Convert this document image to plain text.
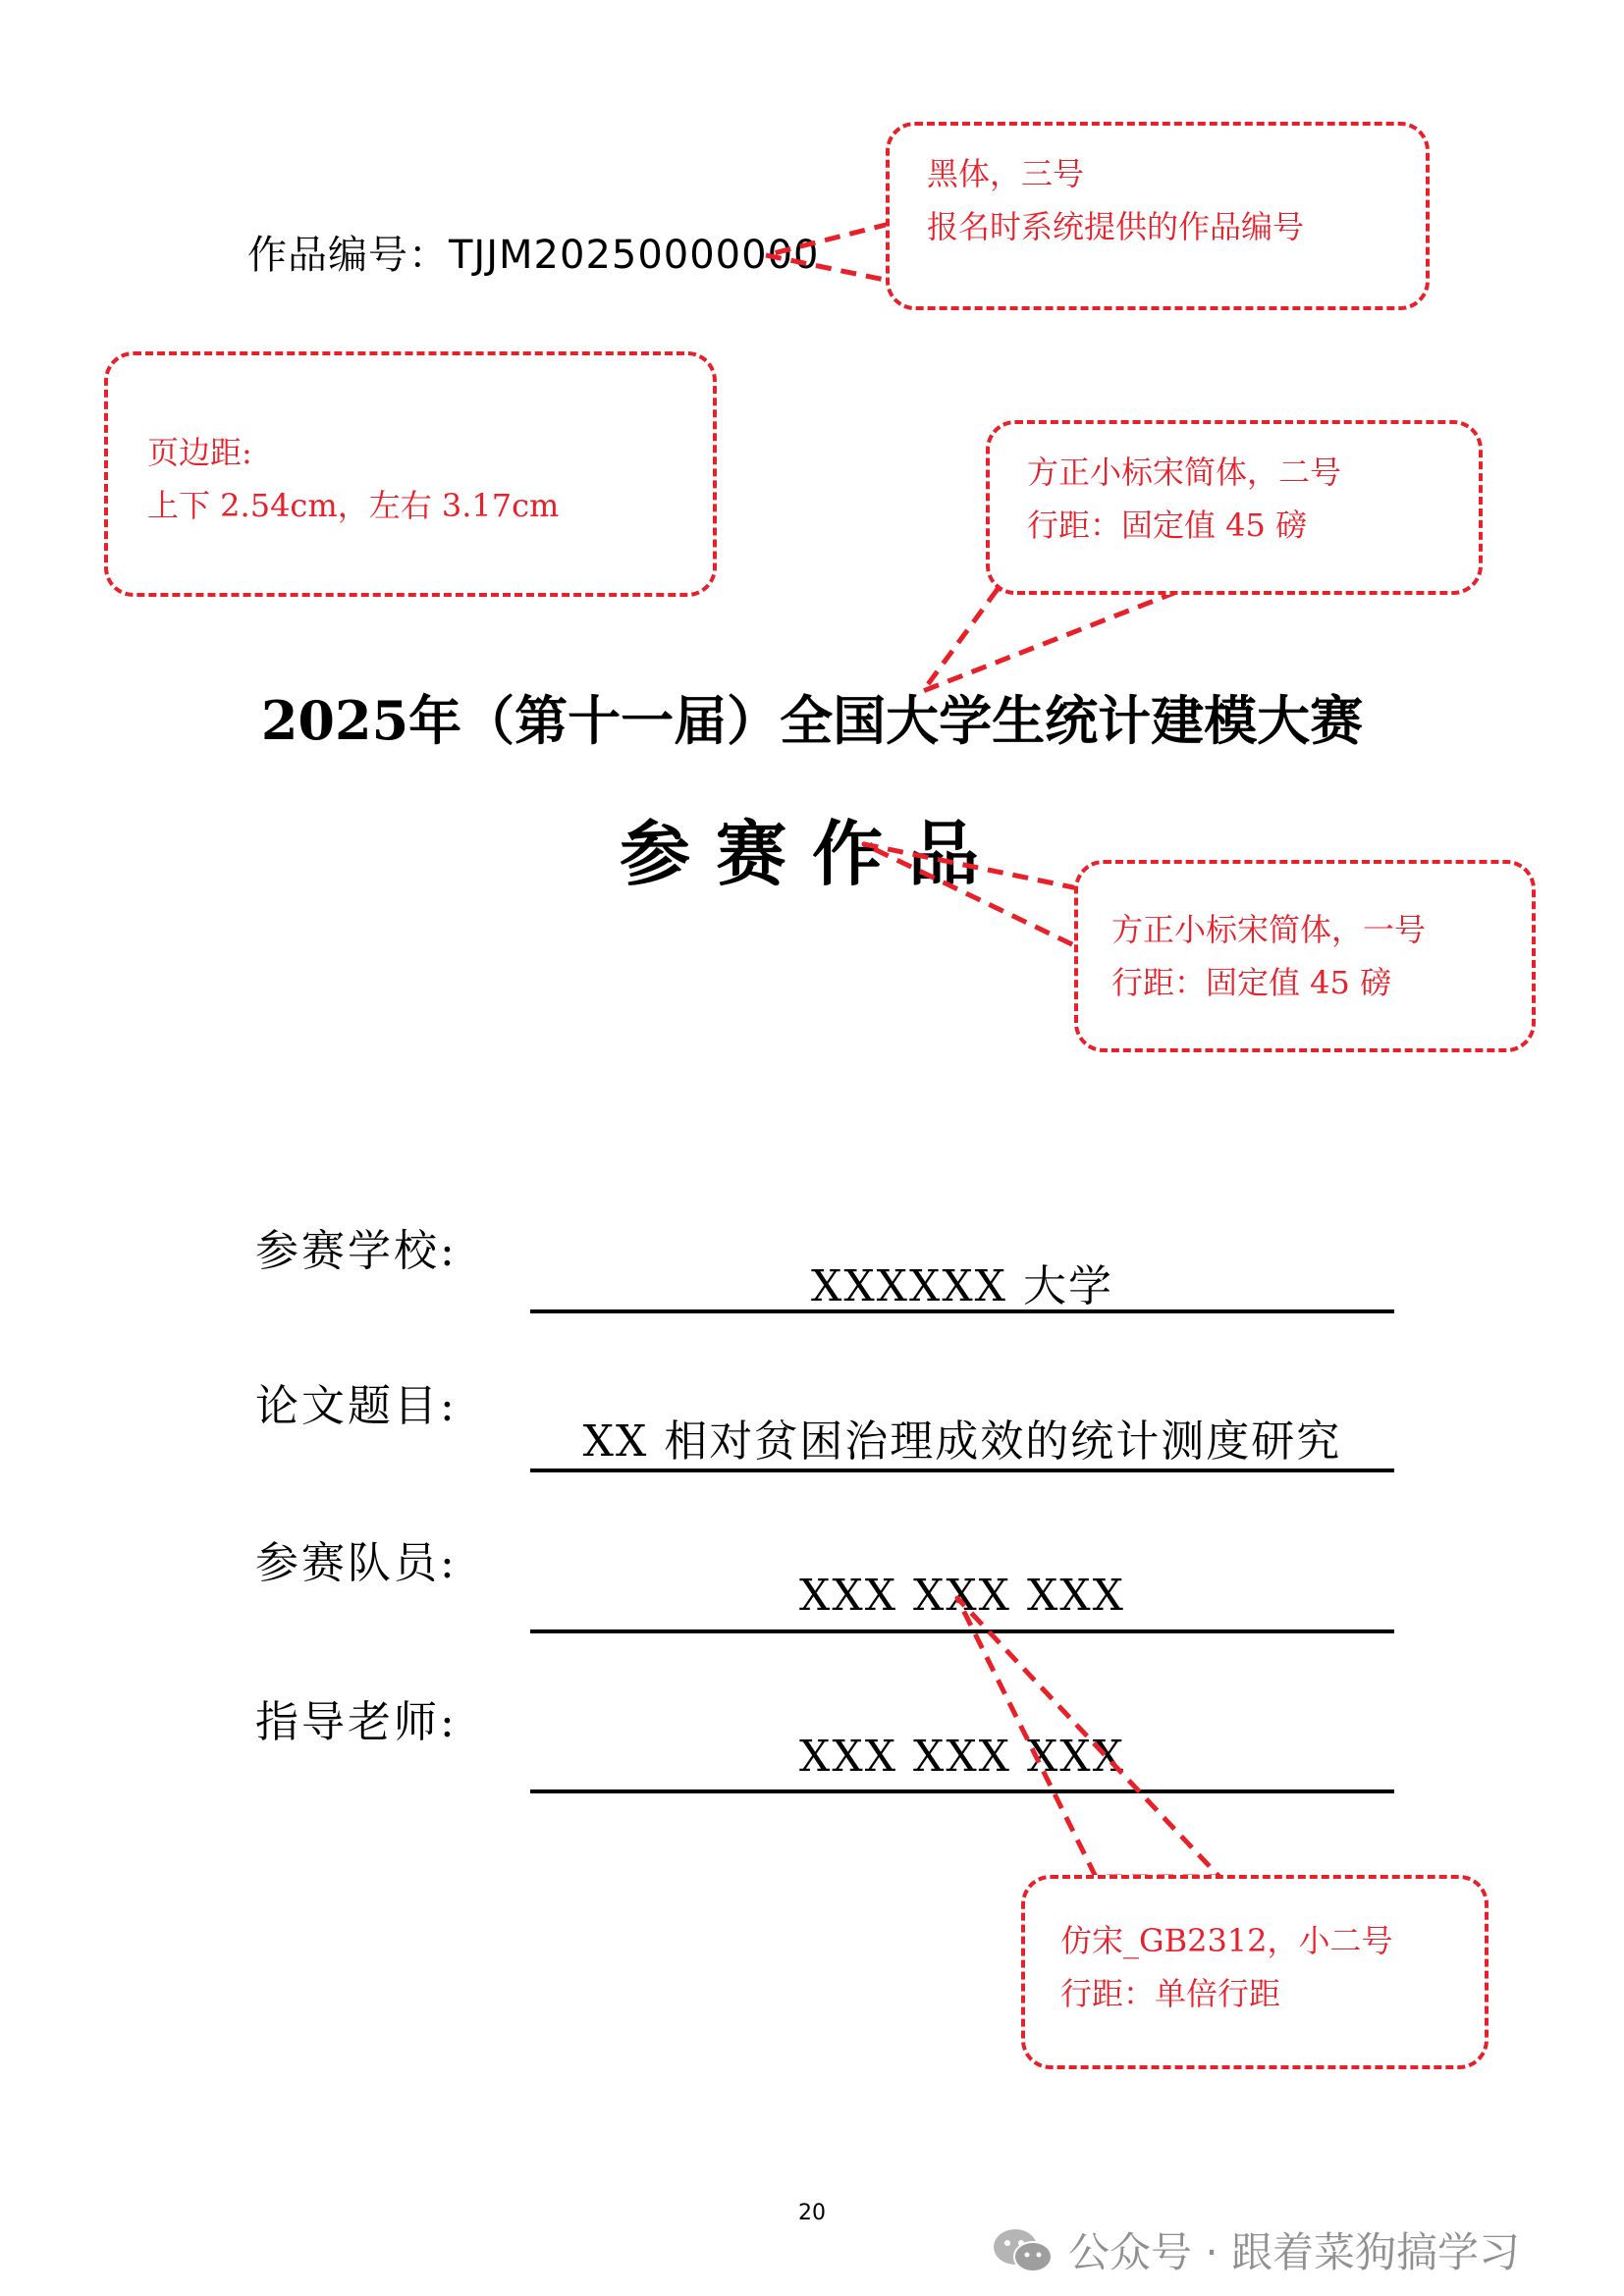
作品编号：TJJM20250000000
2025年（第十一届）全国大学生统计建模大赛
参赛作品
参赛学校:
XXXXXX 大学
论文题目:
XX 相对贫困治理成效的统计测度研究
参赛队员:
XXX XXX XXX
指导老师:
XXX XXX XXX
黑体，三号
报名时系统提供的作品编号
页边距:
上下 2.54cm，左右 3.17cm
方正小标宋简体，二号
行距：固定值 45 磅
方正小标宋简体，一号
行距：固定值 45 磅
仿宋_GB2312，小二号
行距：单倍行距
20
公众号 · 跟着菜狗搞学习
